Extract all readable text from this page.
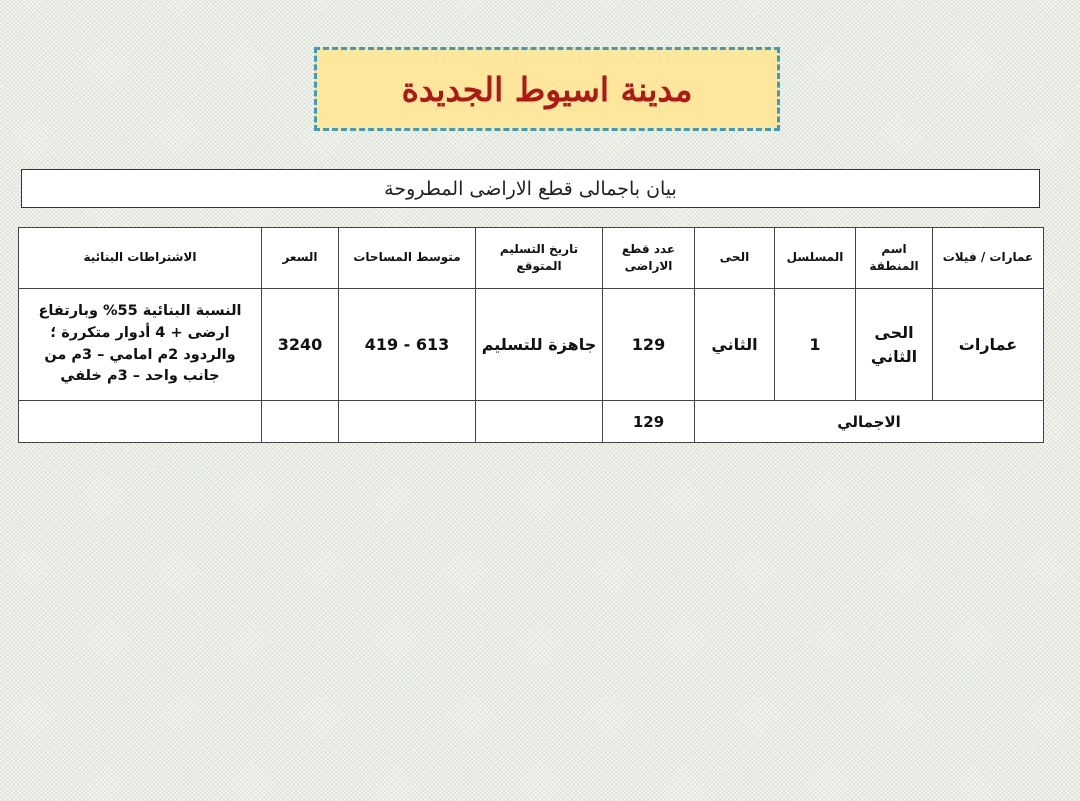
مدينة اسيوط الجديدة
بيان باجمالى قطع الاراضى المطروحة
عمارات / فيلات	اسم المنطقة	المسلسل	الحى	عدد قطع الاراضى	تاريخ التسليم المتوقع	متوسط المساحات	السعر	الاشتراطات البنائية
عمارات	الحى الثاني	1	الثاني	129	جاهزة للتسليم	613 - 419	3240	النسبة البنائية 55% وبارتفاع ارضى + 4 أدوار متكررة ؛ والردود 2م امامي – 3م من جانب واحد – 3م خلفي
الاجمالي				129				
